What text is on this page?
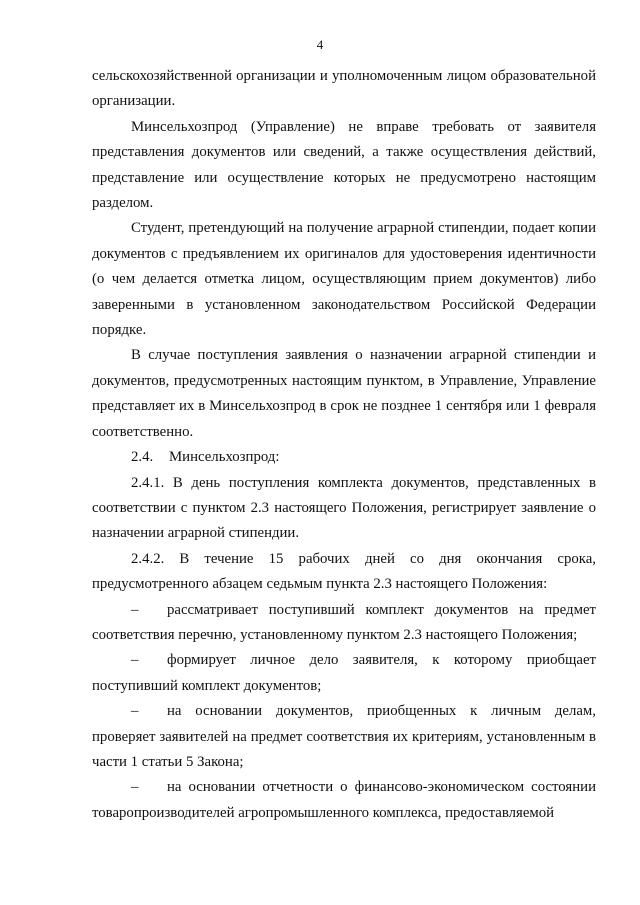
4

сельскохозяйственной организации и уполномоченным лицом образовательной организации.

Минсельхозпрод (Управление) не вправе требовать от заявителя представления документов или сведений, а также осуществления действий, представление или осуществление которых не предусмотрено настоящим разделом.

Студент, претендующий на получение аграрной стипендии, подает копии документов с предъявлением их оригиналов для удостоверения идентичности (о чем делается отметка лицом, осуществляющим прием документов) либо заверенными в установленном законодательством Российской Федерации порядке.

В случае поступления заявления о назначении аграрной стипендии и документов, предусмотренных настоящим пунктом, в Управление, Управление представляет их в Минсельхозпрод в срок не позднее 1 сентября или 1 февраля соответственно.

2.4. Минсельхозпрод:

2.4.1. В день поступления комплекта документов, представленных в соответствии с пунктом 2.3 настоящего Положения, регистрирует заявление о назначении аграрной стипендии.

2.4.2. В течение 15 рабочих дней со дня окончания срока, предусмотренного абзацем седьмым пункта 2.3 настоящего Положения:

– рассматривает поступивший комплект документов на предмет соответствия перечню, установленному пунктом 2.3 настоящего Положения;

– формирует личное дело заявителя, к которому приобщает поступивший комплект документов;

– на основании документов, приобщенных к личным делам, проверяет заявителей на предмет соответствия их критериям, установленным в части 1 статьи 5 Закона;

– на основании отчетности о финансово-экономическом состоянии товаропроизводителей агропромышленного комплекса, предоставляемой
